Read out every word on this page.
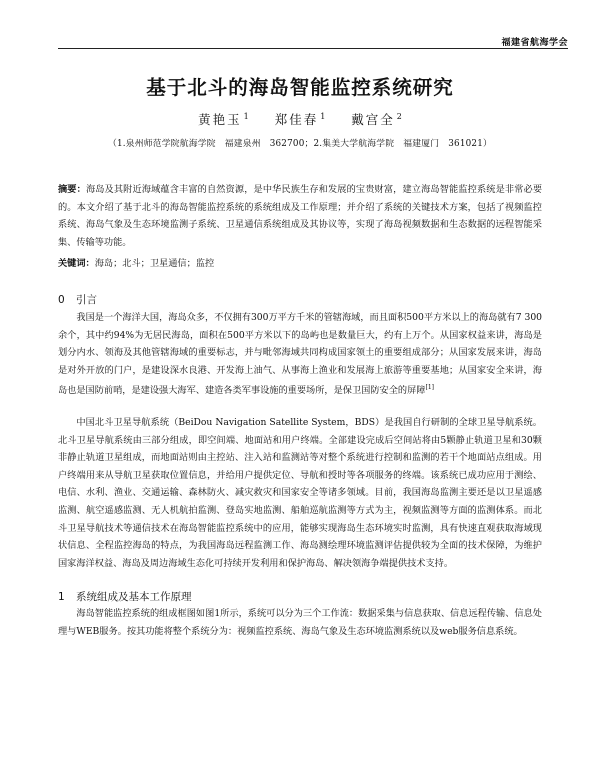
福建省航海学会
基于北斗的海岛智能监控系统研究
黄艳玉 $^1$ 郑佳春 $^1$ 戴宫全 $^2$
（1.泉州师范学院航海学院　福建泉州　362700；2.集美大学航海学院　福建厦门　361021）
摘要：海岛及其附近海域蕴含丰富的自然资源，是中华民族生存和发展的宝贵财富，建立海岛智能监控系统是非常必要的。本文介绍了基于北斗的海岛智能监控系统的系统组成及工作原理；并介绍了系统的关键技术方案，包括了视频监控系统、海岛气象及生态环境监测子系统、卫星通信系统组成及其协议等，实现了海岛视频数据和生态数据的远程智能采集、传输等功能。
关键词：海岛；北斗；卫星通信；监控
0 引言
我国是一个海洋大国，海岛众多，不仅拥有300万平方千米的管辖海域，而且面积500平方米以上的海岛就有7 300余个，其中约94%为无居民海岛，面积在500平方米以下的岛屿也是数量巨大，约有上万个。从国家权益来讲，海岛是划分内水、领海及其他管辖海域的重要标志，并与毗邻海域共同构成国家领土的重要组成部分；从国家发展来讲，海岛是对外开放的门户，是建设深水良港、开发海上油气、从事海上渔业和发展海上旅游等重要基地；从国家安全来讲，海岛也是国防前哨，是建设强大海军、建造各类军事设施的重要场所，是保卫国防安全的屏障[1]
中国北斗卫星导航系统（BeiDou Navigation Satellite System，BDS）是我国自行研制的全球卫星导航系统。北斗卫星导航系统由三部分组成，即空间端、地面站和用户终端。全部建设完成后空间站将由5颗静止轨道卫星和30颗非静止轨道卫星组成，而地面站则由主控站、注入站和监测站等对整个系统进行控制和监测的若干个地面站点组成。用户终端用来从导航卫星获取位置信息，并给用户提供定位、导航和授时等各项服务的终端。该系统已成功应用于测绘、电信、水利、渔业、交通运输、森林防火、减灾救灾和国家安全等诸多领域。目前，我国海岛监测主要还是以卫星遥感监测、航空遥感监测、无人机航拍监测、登岛实地监测、船舶巡航监测等方式为主，视频监测等方面的监测体系。而北斗卫星导航技术等通信技术在海岛智能监控系统中的应用，能够实现海岛生态环境实时监测，具有快速直观获取海域现状信息、全程监控海岛的特点，为我国海岛远程监测工作、海岛测绘理环境监测评估提供较为全面的技术保障，为维护国家海洋权益、海岛及周边海域生态化可持续开发利用和保护海岛、解决领海争端提供技术支持。
1 系统组成及基本工作原理
海岛智能监控系统的组成框图如图1所示，系统可以分为三个工作流：数据采集与信息获取、信息远程传输、信息处理与WEB服务。按其功能将整个系统分为：视频监控系统、海岛气象及生态环境监测系统以及web服务信息系统。
